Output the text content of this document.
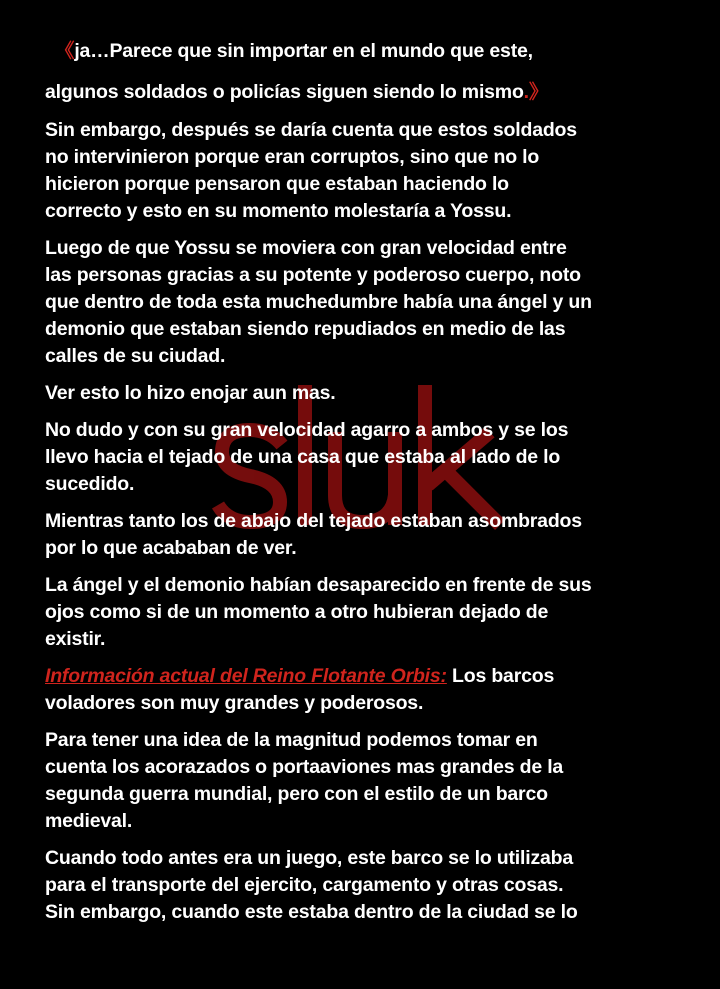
《ja…Parece que sin importar en el mundo que este,
algunos soldados o policías siguen siendo lo mismo.》

Sin embargo, después se daría cuenta que estos soldados
no intervinieron porque eran corruptos, sino que no lo
hicieron porque pensaron que estaban haciendo lo
correcto y esto en su momento molestaría a Yossu.

Luego de que Yossu se moviera con gran velocidad entre
las personas gracias a su potente y poderoso cuerpo, noto
que dentro de toda esta muchedumbre había una ángel y un
demonio que estaban siendo repudiados en medio de las
calles de su ciudad.

Ver esto lo hizo enojar aun mas.

No dudo y con su gran velocidad agarro a ambos y se los
llevo hacia el tejado de una casa que estaba al lado de lo
sucedido.

Mientras tanto los de abajo del tejado estaban asombrados
por lo que acababan de ver.

La ángel y el demonio habían desaparecido en frente de sus
ojos como si de un momento a otro hubieran dejado de
existir.

Información actual del Reino Flotante Orbis: Los barcos
voladores son muy grandes y poderosos.

Para tener una idea de la magnitud podemos tomar en
cuenta los acorazados o portaaviones mas grandes de la
segunda guerra mundial, pero con el estilo de un barco
medieval.

Cuando todo antes era un juego, este barco se lo utilizaba
para el transporte del ejercito, cargamento y otras cosas.
Sin embargo, cuando este estaba dentro de la ciudad se lo
